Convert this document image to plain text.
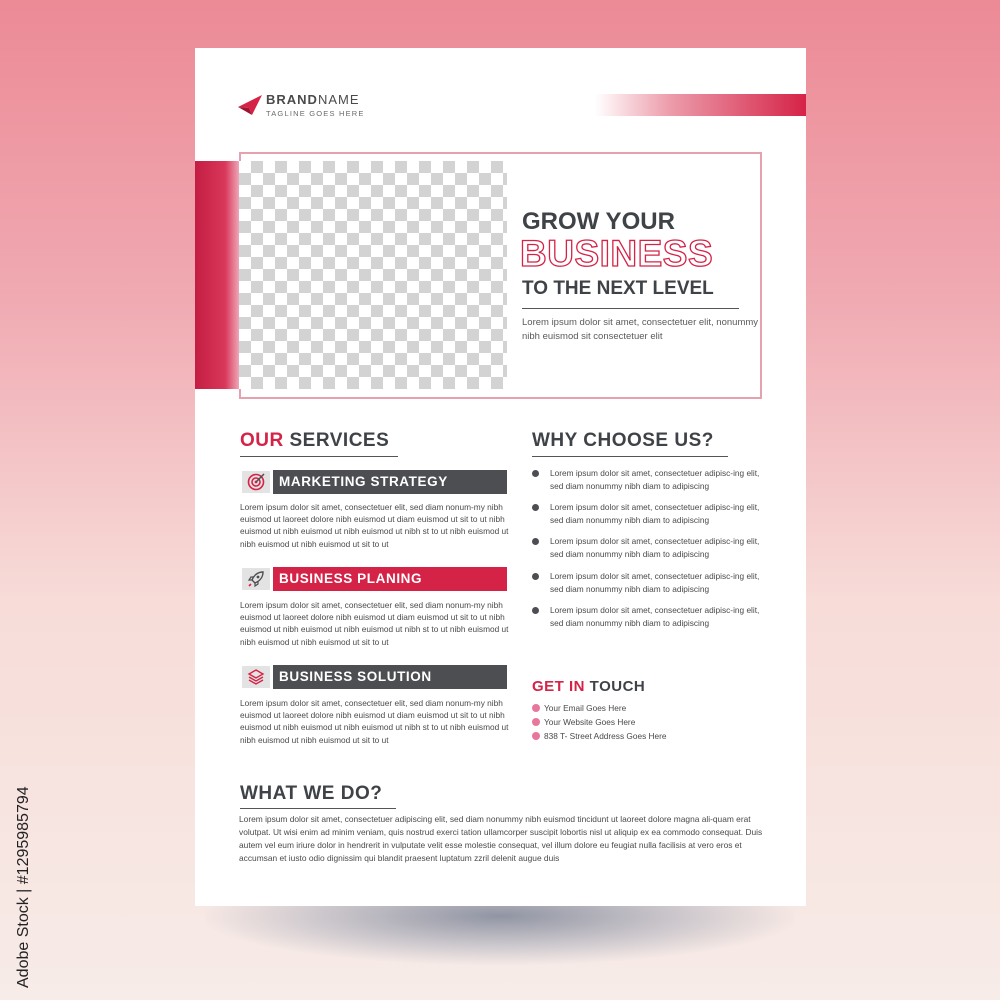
BRANDNAME
TAGLINE GOES HERE
GROW YOUR
BUSINESS
TO THE NEXT LEVEL
Lorem ipsum dolor sit amet, consectetuer elit, nonummy nibh euismod sit consectetuer elit
OUR SERVICES
MARKETING STRATEGY
Lorem ipsum dolor sit amet, consectetuer elit, sed diam nonum-my nibh euismod ut laoreet dolore nibh euismod ut diam euismod ut sit to ut nibh euismod ut nibh euismod ut nibh euismod ut nibh st to ut nibh euismod ut nibh euismod ut nibh euismod ut sit to ut
BUSINESS PLANING
Lorem ipsum dolor sit amet, consectetuer elit, sed diam nonum-my nibh euismod ut laoreet dolore nibh euismod ut diam euismod ut sit to ut nibh euismod ut nibh euismod ut nibh euismod ut nibh st to ut nibh euismod ut nibh euismod ut nibh euismod ut sit to ut
BUSINESS SOLUTION
Lorem ipsum dolor sit amet, consectetuer elit, sed diam nonum-my nibh euismod ut laoreet dolore nibh euismod ut diam euismod ut sit to ut nibh euismod ut nibh euismod ut nibh euismod ut nibh st to ut nibh euismod ut nibh euismod ut nibh euismod ut sit to ut
WHY CHOOSE US?
Lorem ipsum dolor sit amet, consectetuer adipisc-ing elit, sed diam nonummy nibh diam to adipiscing
Lorem ipsum dolor sit amet, consectetuer adipisc-ing elit, sed diam nonummy nibh diam to adipiscing
Lorem ipsum dolor sit amet, consectetuer adipisc-ing elit, sed diam nonummy nibh diam to adipiscing
Lorem ipsum dolor sit amet, consectetuer adipisc-ing elit, sed diam nonummy nibh diam to adipiscing
Lorem ipsum dolor sit amet, consectetuer adipisc-ing elit, sed diam nonummy nibh diam to adipiscing
GET IN TOUCH
Your Email Goes Here
Your Website Goes Here
838 T- Street Address Goes Here
WHAT WE DO?
Lorem ipsum dolor sit amet, consectetuer adipiscing elit, sed diam nonummy nibh euismod tincidunt ut laoreet dolore magna ali-quam erat volutpat. Ut wisi enim ad minim veniam, quis nostrud exerci tation ullamcorper suscipit lobortis nisl ut aliquip ex ea commodo consequat. Duis autem vel eum iriure dolor in hendrerit in vulputate velit esse molestie consequat, vel illum dolore eu feugiat nulla facilisis at vero eros et accumsan et iusto odio dignissim qui blandit praesent luptatum zzril delenit augue duis
Adobe Stock | #1295985794
